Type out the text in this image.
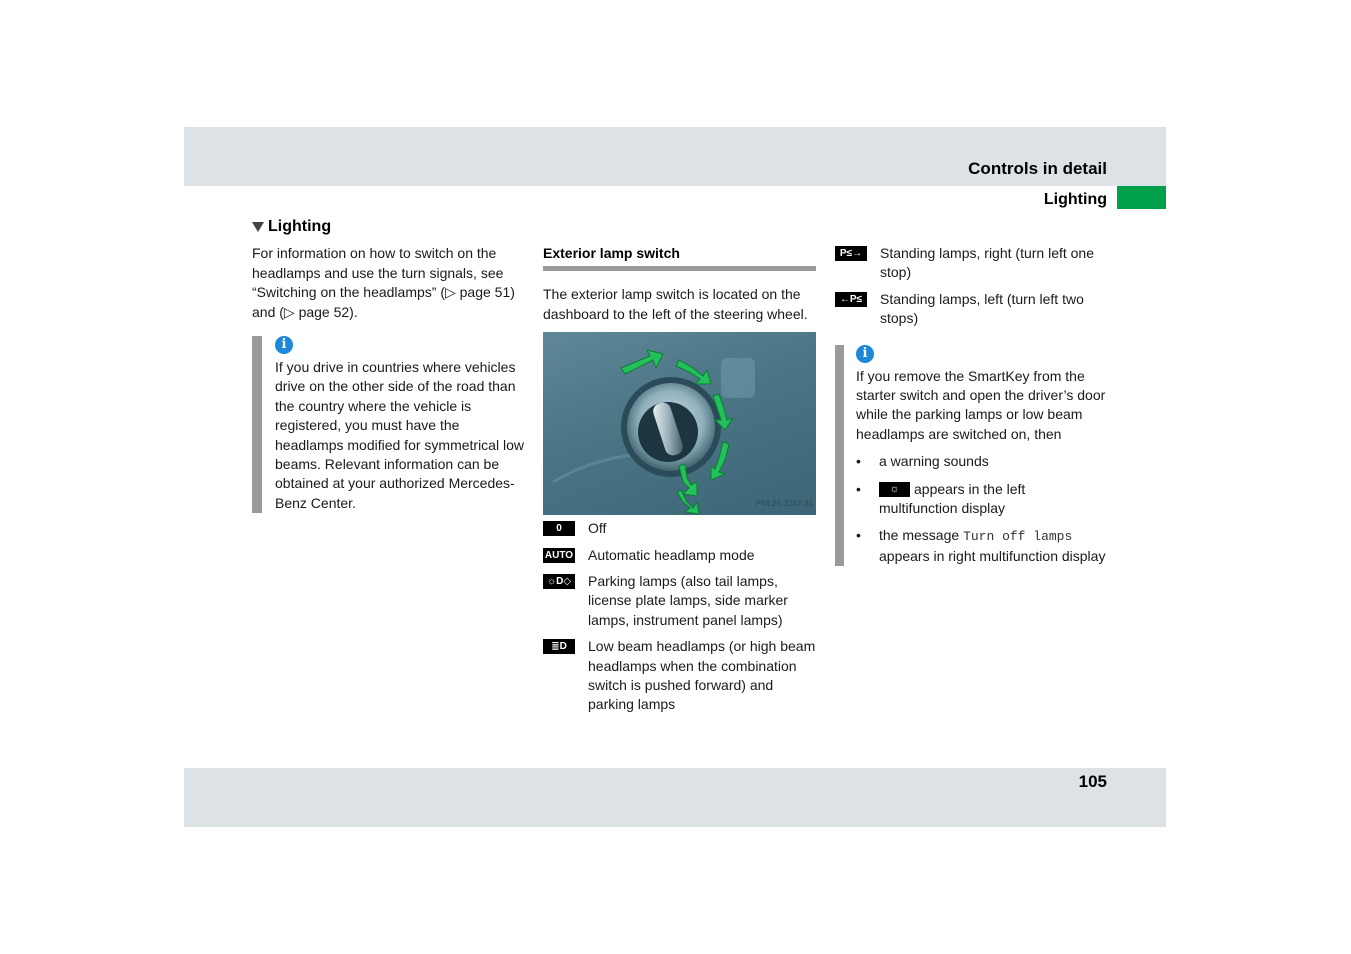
Controls in detail
Lighting
Lighting

For information on how to switch on the headlamps and use the turn signals, see “Switching on the headlamps” (▷ page 51) and (▷ page 52).

i

If you drive in countries where vehicles drive on the other side of the road than the country where the vehicle is registered, you must have the headlamps modified for symmetrical low beams. Relevant information can be obtained at your authorized Mercedes-Benz Center.

Exterior lamp switch

The exterior lamp switch is located on the dashboard to the left of the steering wheel.

P54.25-3242-31
0	Off
AUTO Automatic headlamp mode
☼D◇ Parking lamps (also tail lamps, license plate lamps, side marker lamps, instrument panel lamps)
≣D	Low beam headlamps (or high beam headlamps when the combination switch is pushed forward) and parking lamps
P≤→	Standing lamps, right (turn left one stop)
←P≤	Standing lamps, left (turn left two stops)
i

If you remove the SmartKey from the starter switch and open the driver’s door while the parking lamps or low beam headlamps are switched on, then

•	a warning sounds
•	☼ appears in the left multifunction display
•	the message Turn off lamps appears in right multifunction display
105
